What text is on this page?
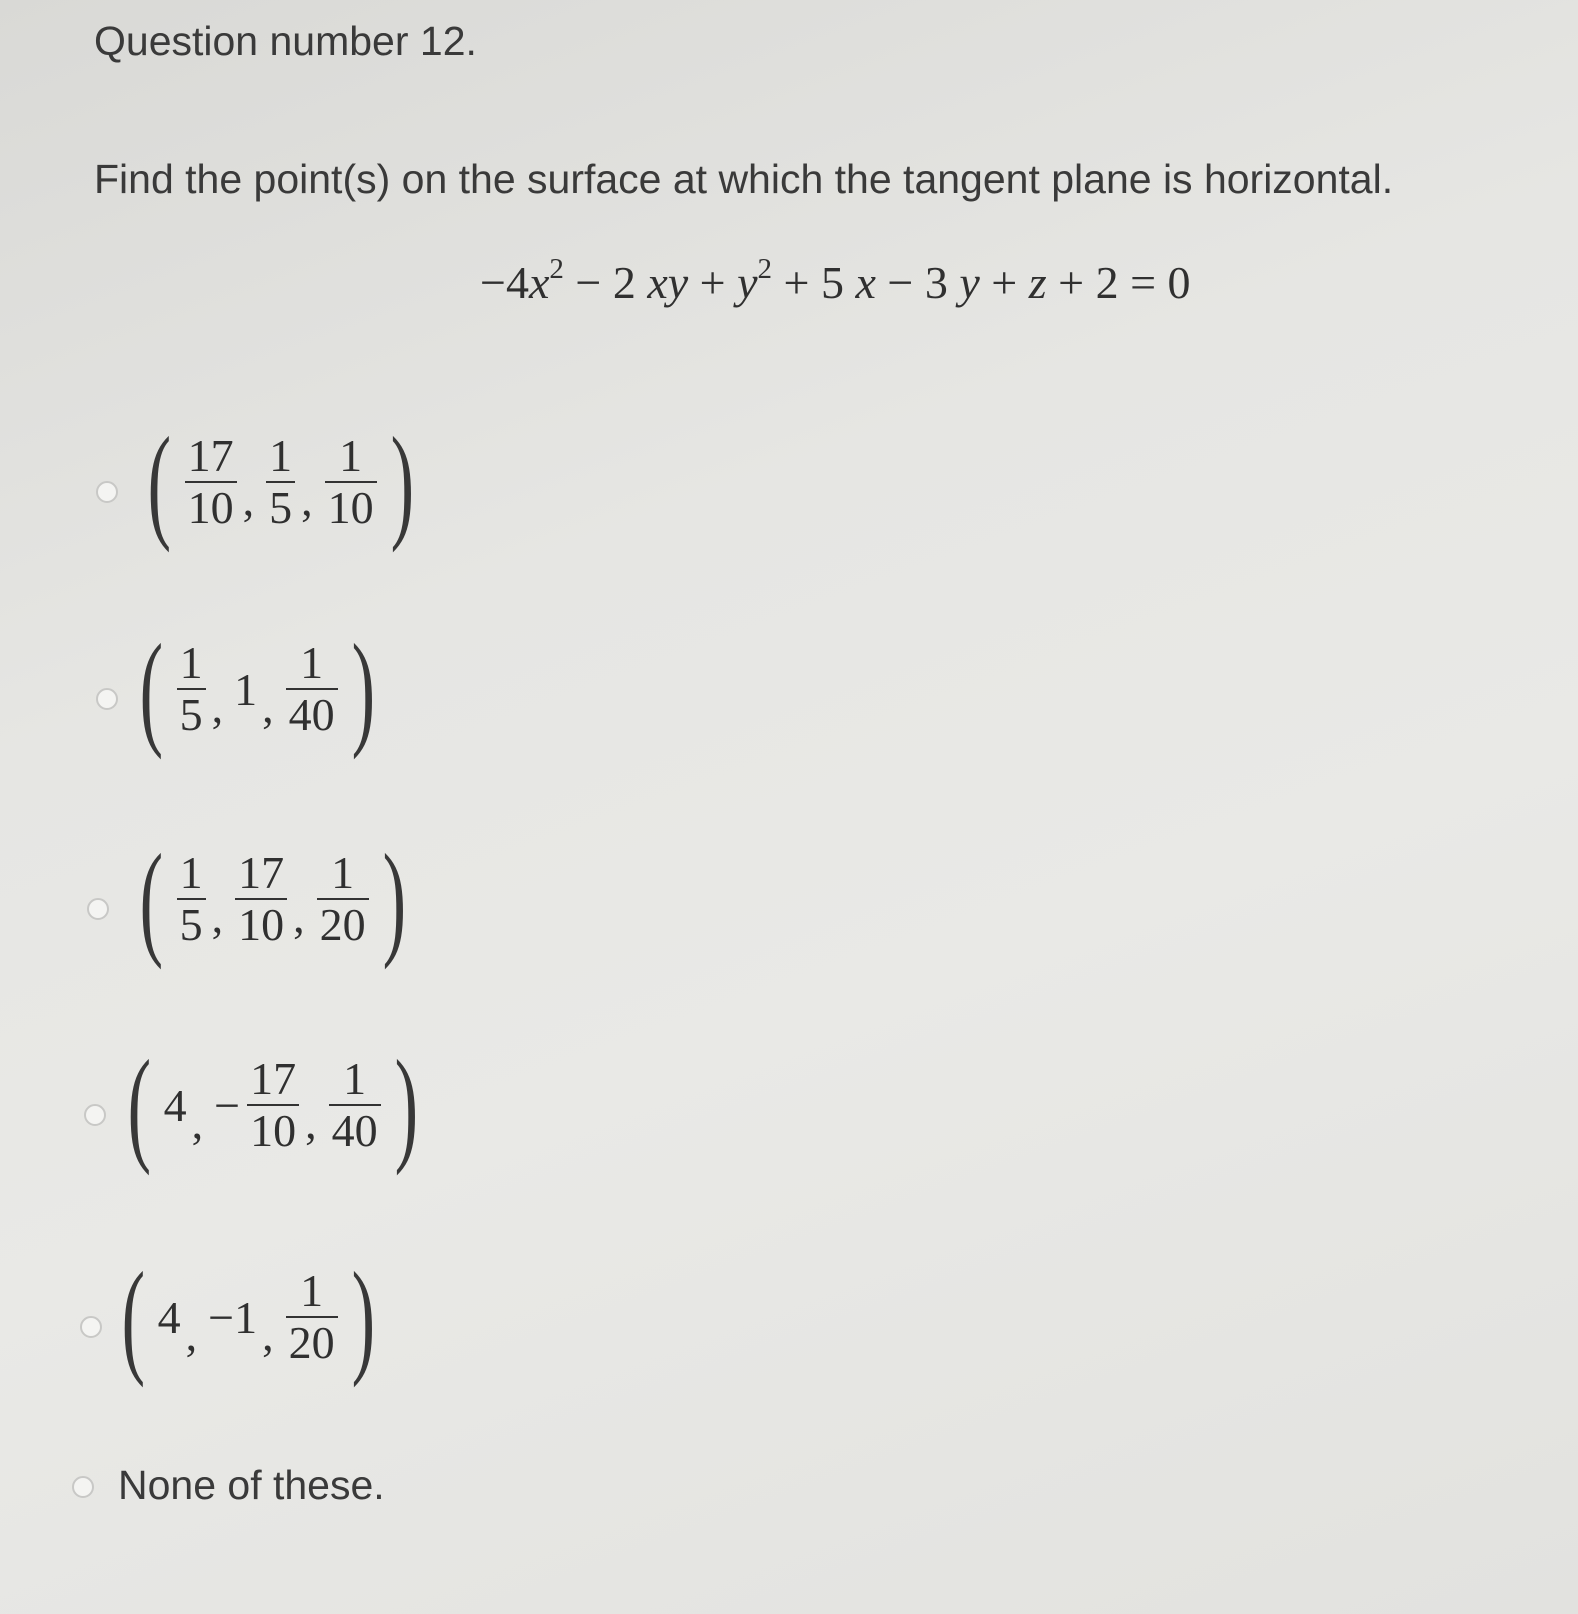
Question number 12.
Find the point(s) on the surface at which the tangent plane is horizontal.
$-4x^2 - 2$ xy + $y^2 + 5$ x − 3 y + z + 2 = 0
( $\frac{17}{10}$ , $\frac{1}{5}$ , $\frac{1}{10}$ )
( $\frac{1}{5}$ , 1 , $\frac{1}{40}$ )
( $\frac{1}{5}$ , $\frac{17}{10}$ , $\frac{1}{20}$ )
( 4 , − $\frac{17}{10}$ , $\frac{1}{40}$ )
( 4 , −1 , $\frac{1}{20}$ )
None of these.
